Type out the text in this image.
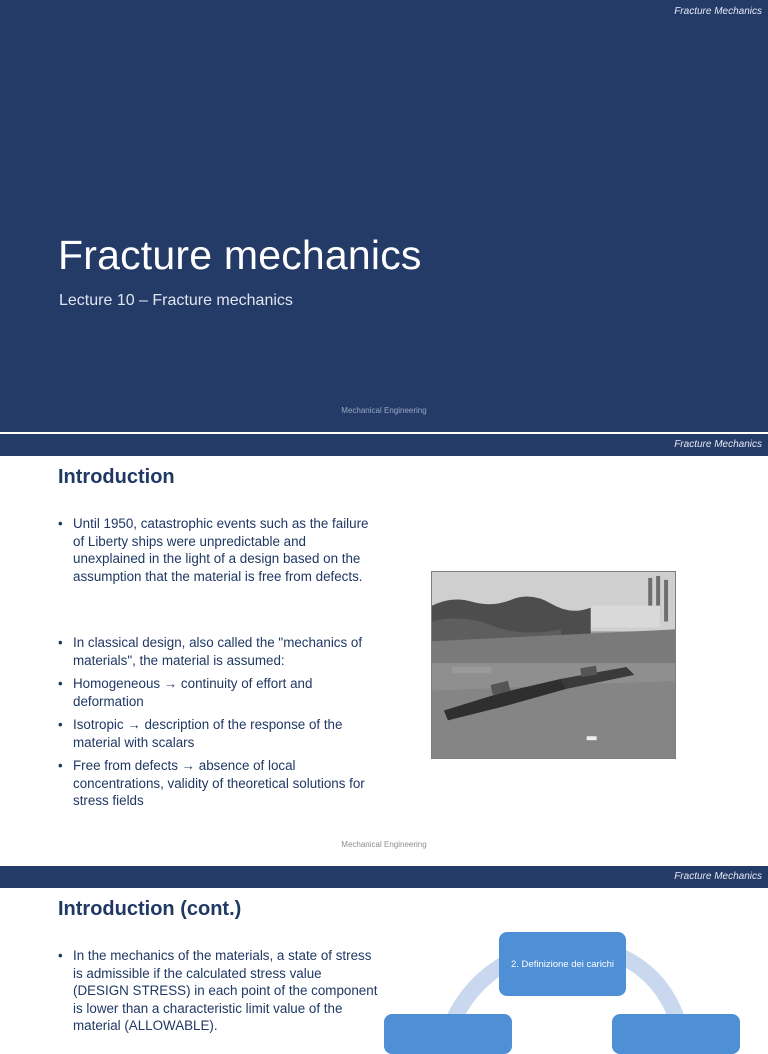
Fracture Mechanics
Fracture mechanics
Lecture 10 – Fracture mechanics
Mechanical Engineering
Fracture Mechanics
Introduction
• Until 1950, catastrophic events such as the failure of Liberty ships were unpredictable and unexplained in the light of a design based on the assumption that the material is free from defects.
• In classical design, also called the "mechanics of materials", the material is assumed:
• Homogeneous → continuity of effort and deformation
• Isotropic → description of the response of the material with scalars
• Free from defects → absence of local concentrations, validity of theoretical solutions for stress fields
Mechanical Engineering
Fracture Mechanics
Introduction (cont.)
• In the mechanics of the materials, a state of stress is admissible if the calculated stress value (DESIGN STRESS) in each point of the component is lower than a characteristic limit value of the material (ALLOWABLE).
2. Definizione dei carichi
